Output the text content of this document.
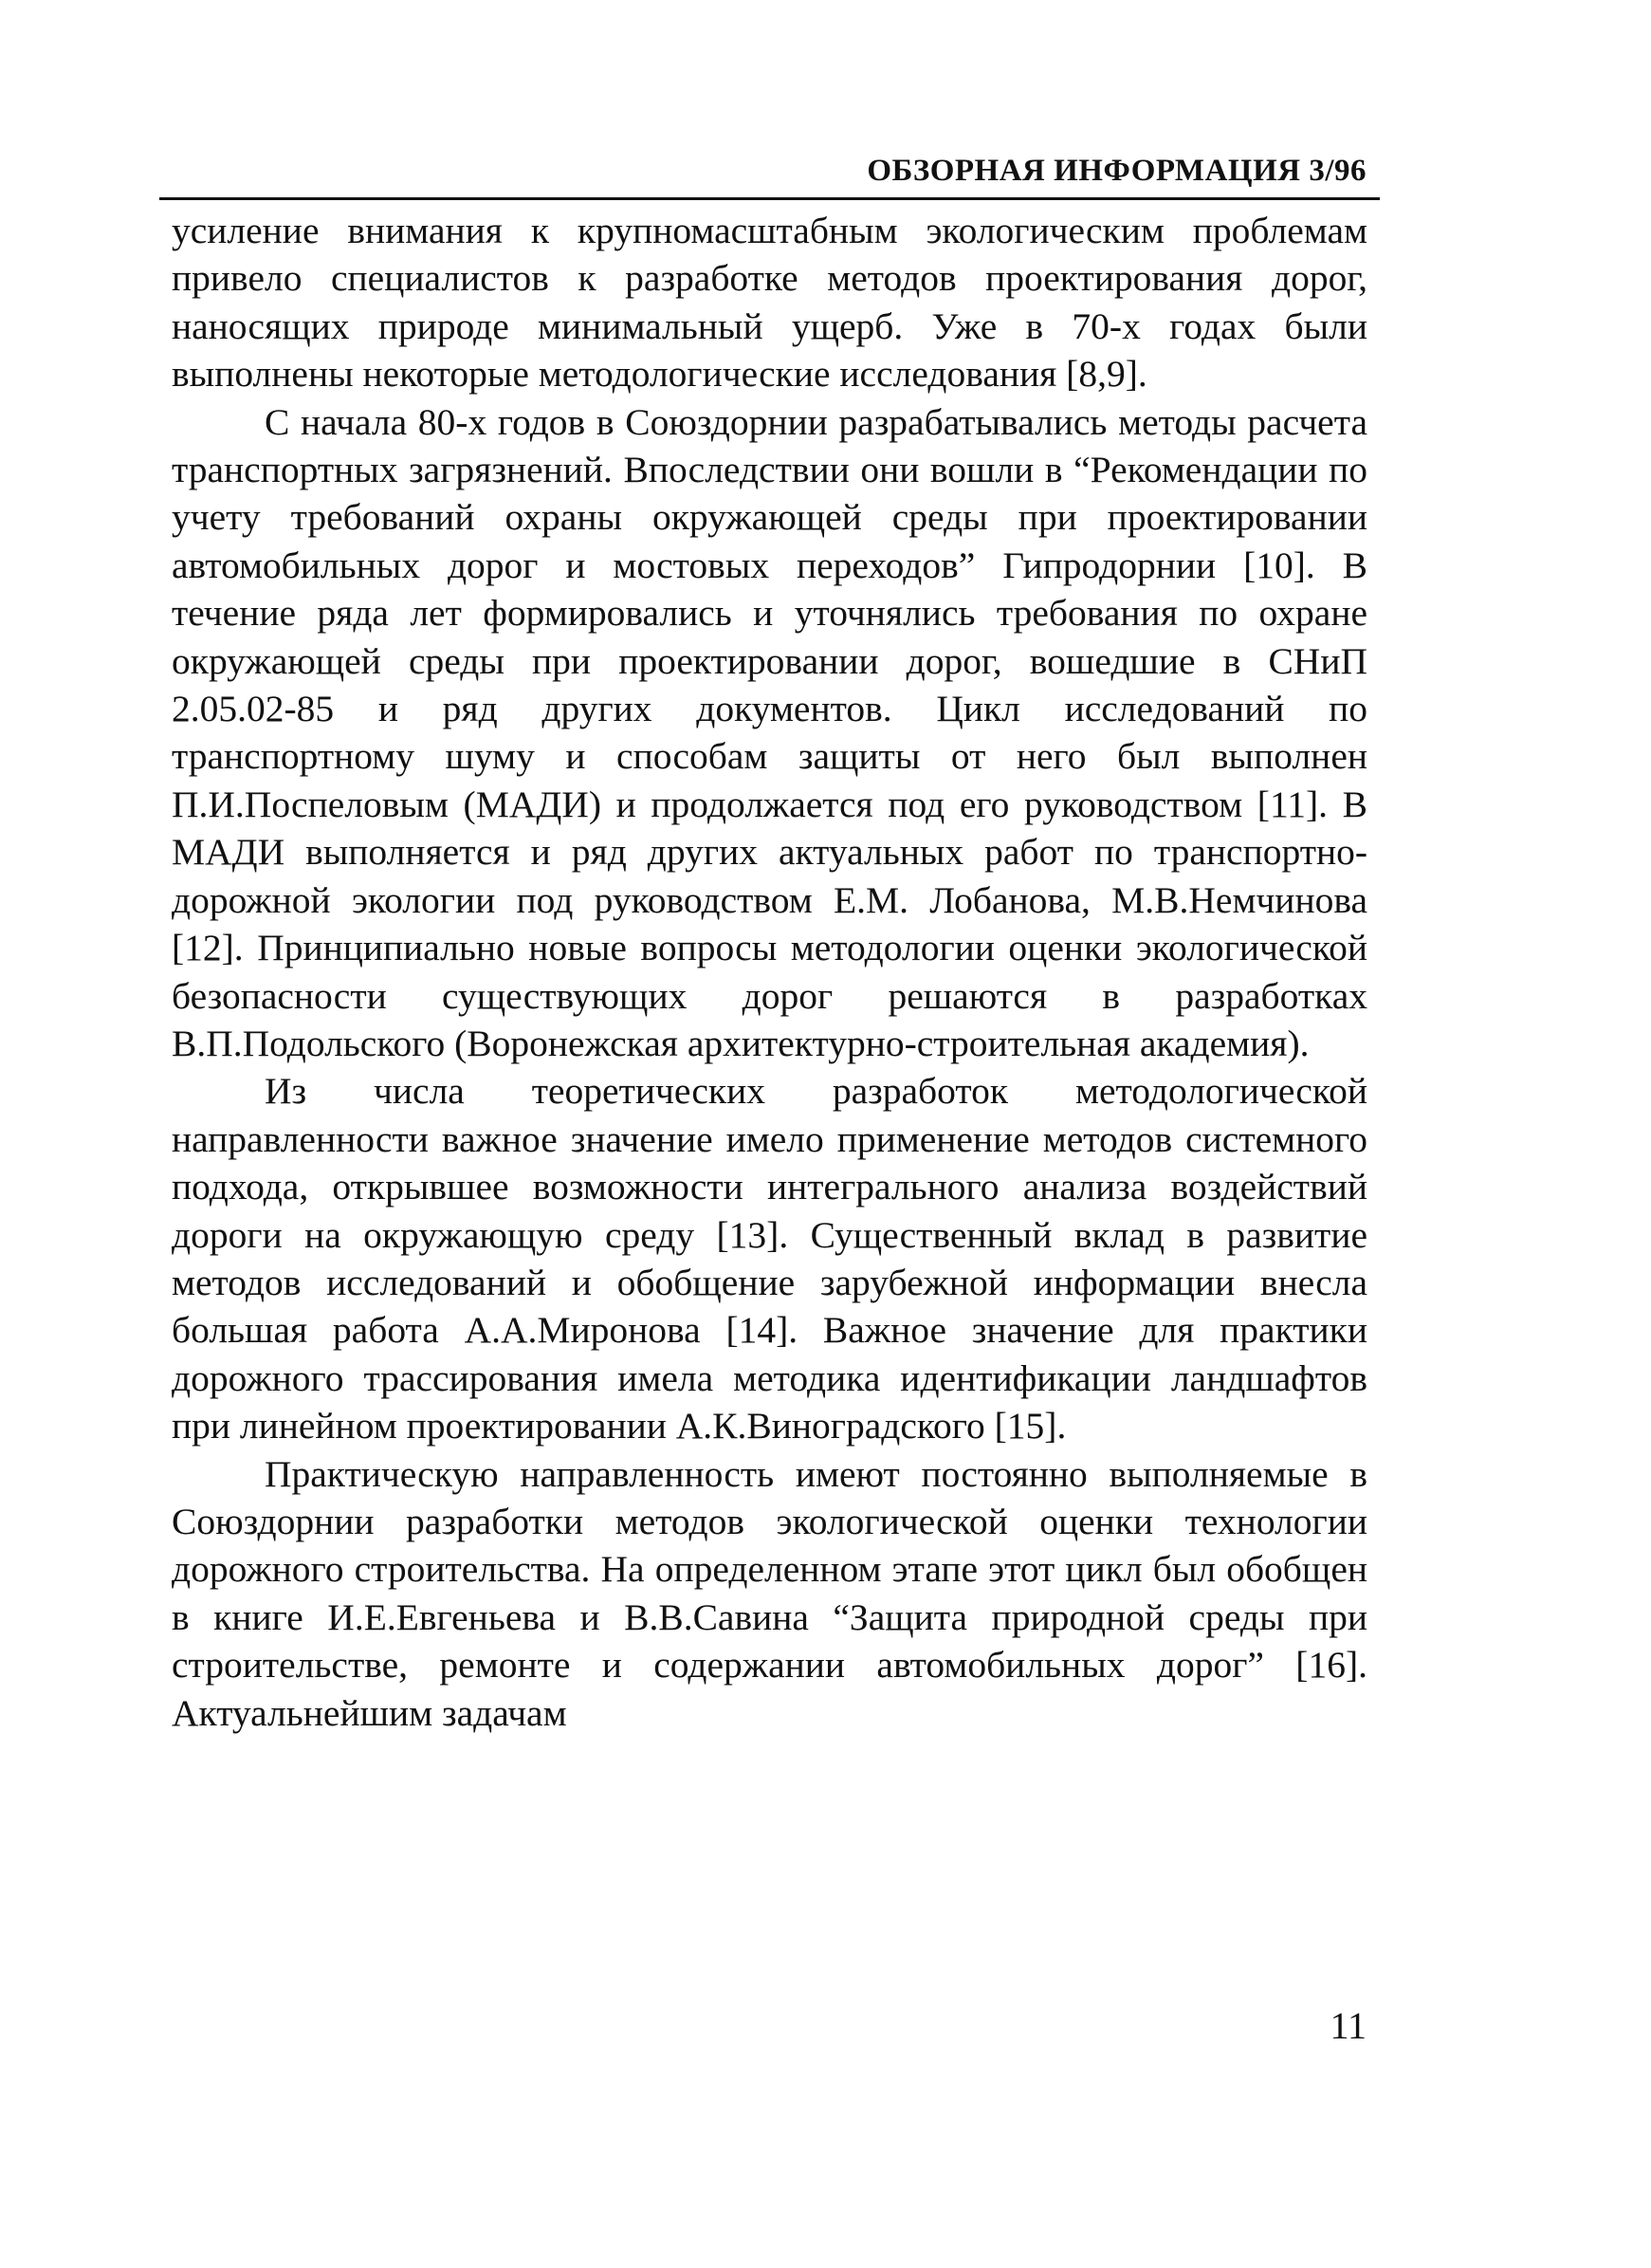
ОБЗОРНАЯ ИНФОРМАЦИЯ 3/96

усиление внимания к крупномасштабным экологическим проблемам привело специалистов к разработке методов проектирования дорог, наносящих природе минимальный ущерб. Уже в 70-х годах были выполнены некоторые методологические исследования [8,9].

С начала 80-х годов в Союздорнии разрабатывались методы расчета транспортных загрязнений. Впоследствии они вошли в “Рекомендации по учету требований охраны окружающей среды при проектировании автомобильных дорог и мостовых переходов” Гипродорнии [10]. В течение ряда лет формировались и уточнялись требования по охране окружающей среды при проектировании дорог, вошедшие в СНиП 2.05.02-85 и ряд других документов. Цикл исследований по транспортному шуму и способам защиты от него был выполнен П.И.Поспеловым (МАДИ) и продолжается под его руководством [11]. В МАДИ выполняется и ряд других актуальных работ по транспортно-дорожной экологии под руководством Е.М. Лобанова, М.В.Немчинова [12]. Принципиально новые вопросы методологии оценки экологической безопасности существующих дорог решаются в разработках В.П.Подольского (Воронежская архитектурно-строительная академия).

Из числа теоретических разработок методологической направленности важное значение имело применение методов системного подхода, открывшее возможности интегрального анализа воздействий дороги на окружающую среду [13]. Существенный вклад в развитие методов исследований и обобщение зарубежной информации внесла большая работа А.А.Миронова [14]. Важное значение для практики дорожного трассирования имела методика идентификации ландшафтов при линейном проектировании А.К.Виноградского [15].

Практическую направленность имеют постоянно выполняемые в Союздорнии разработки методов экологической оценки технологии дорожного строительства. На определенном этапе этот цикл был обобщен в книге И.Е.Евгеньева и В.В.Савина “Защита природной среды при строительстве, ремонте и содержании автомобильных дорог” [16]. Актуальнейшим задачам

11
